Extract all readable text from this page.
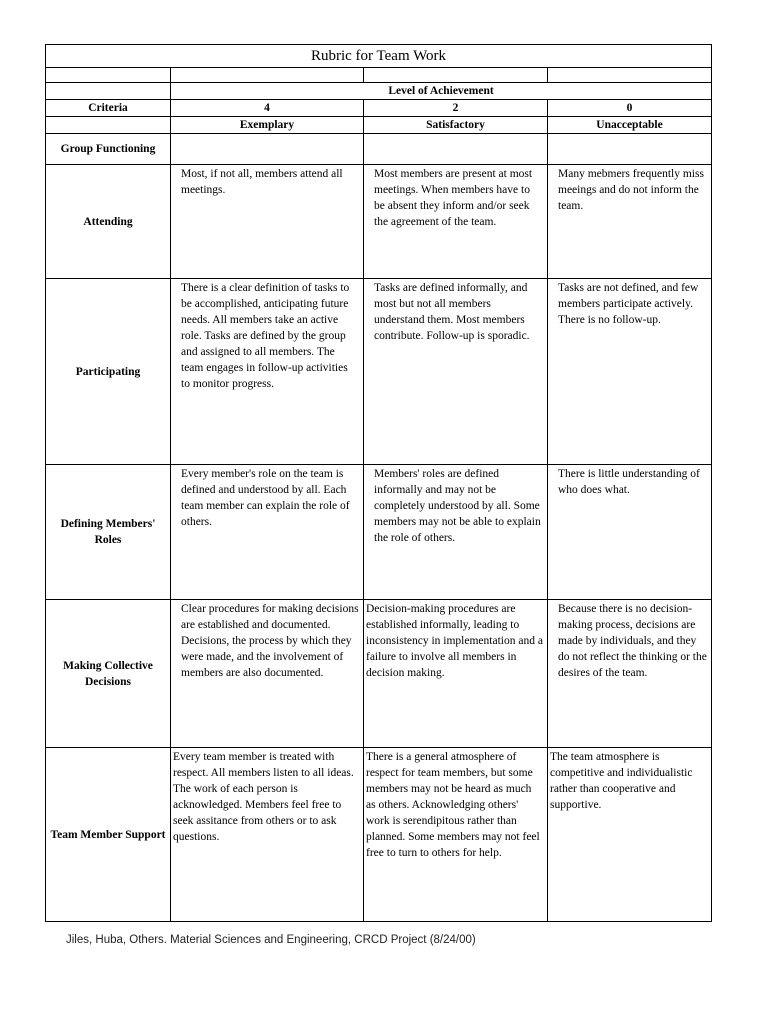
Rubric for Team Work			

	Level of Achievement		
Criteria	4	2	0
	Exemplary	Satisfactory	Unacceptable
Group Functioning			
Attending	Most, if not all, members attend all meetings.	Most members are present at most meetings. When members have to be absent they inform and/or seek the agreement of the team.	Many mebmers frequently miss meeings and do not inform the team.
Participating	There is a clear definition of tasks to be accomplished, anticipating future needs. All members take an active role. Tasks are defined by the group and assigned to all members. The team engages in follow-up activities to monitor progress.	Tasks are defined informally, and most but not all members understand them. Most members contribute. Follow-up is sporadic.	Tasks are not defined, and few members participate actively. There is no follow-up.
Defining Members' Roles	Every member's role on the team is defined and understood by all. Each team member can explain the role of others.	Members' roles are defined informally and may not be completely understood by all. Some members may not be able to explain the role of others.	There is little understanding of who does what.
Making Collective Decisions	Clear procedures for making decisions are established and documented. Decisions, the process by which they were made, and the involvement of members are also documented.	Decision-making procedures are established informally, leading to inconsistency in implementation and a failure to involve all members in decision making.	Because there is no decision-making process, decisions are made by individuals, and they do not reflect the thinking or the desires of the team.
Team Member Support	Every team member is treated with respect. All members listen to all ideas. The work of each person is acknowledged. Members feel free to seek assitance from others or to ask questions.	There is a general atmosphere of respect for team members, but some members may not be heard as much as others. Acknowledging others' work is serendipitous rather than planned. Some members may not feel free to turn to others for help.	The team atmosphere is competitive and individualistic rather than cooperative and supportive.
Jiles, Huba, Others. Material Sciences and Engineering, CRCD Project (8/24/00)
